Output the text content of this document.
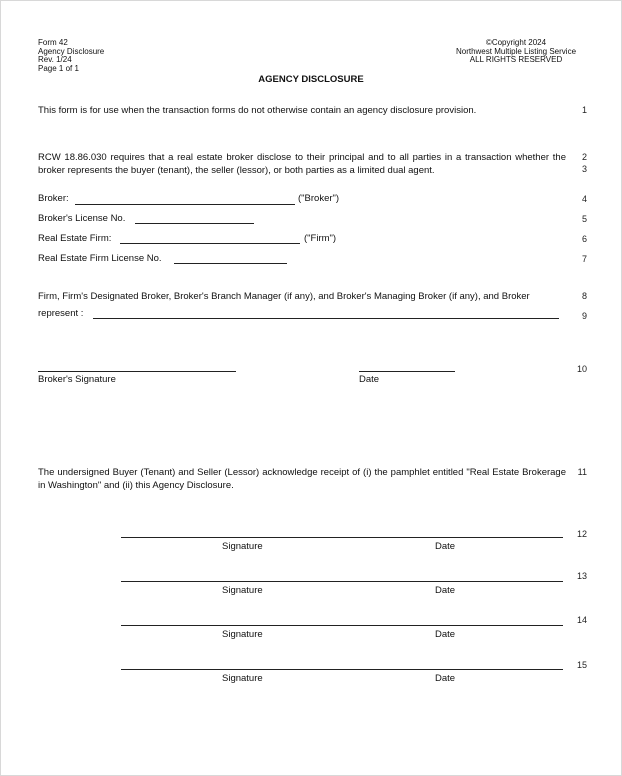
Form 42
Agency Disclosure
Rev. 1/24
Page 1 of 1
©Copyright 2024
Northwest Multiple Listing Service
ALL RIGHTS RESERVED
AGENCY DISCLOSURE
This form is for use when the transaction forms do not otherwise contain an agency disclosure provision.	1
RCW 18.86.030 requires that a real estate broker disclose to their principal and to all parties in a transaction whether the broker represents the buyer (tenant), the seller (lessor), or both parties as a limited dual agent.
2
3
Broker:	("Broker")	4
Broker's License No.	5
Real Estate Firm:	("Firm")	6
Real Estate Firm License No.	7
Firm, Firm's Designated Broker, Broker's Branch Manager (if any), and Broker's Managing Broker (if any), and Broker	8
represent :	9
Broker's Signature	Date
10
The undersigned Buyer (Tenant) and Seller (Lessor) acknowledge receipt of (i) the pamphlet entitled "Real Estate Brokerage in Washington" and (ii) this Agency Disclosure.
11
Signature	Date
12
Signature	Date
13
Signature	Date
14
Signature	Date
15
